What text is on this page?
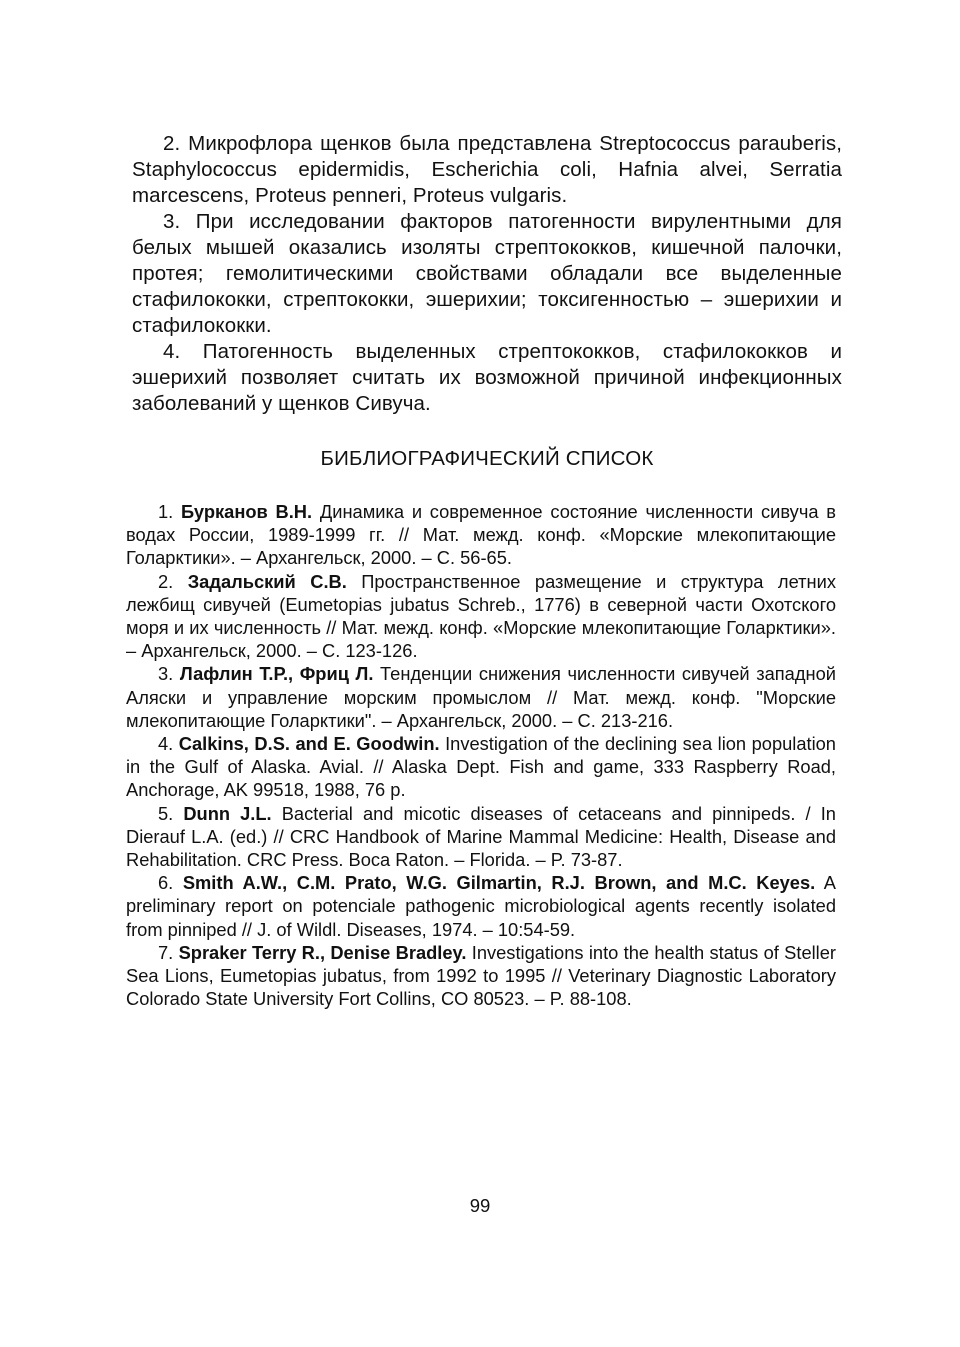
2. Микрофлора щенков была представлена Streptococcus parauberis, Staphylococcus epidermidis, Escherichia coli, Hafnia alvei, Serratia marcescens, Proteus penneri, Proteus vulgaris.

3. При исследовании факторов патогенности вирулентными для белых мышей оказались изоляты стрептококков, кишечной палочки, протея; гемолитическими свойствами обладали все выделенные стафилококки, стрептококки, эшерихии; токсигенностью – эшерихии и стафилококки.

4. Патогенность выделенных стрептококков, стафилококков и эшерихий позволяет считать их возможной причиной инфекционных заболеваний у щенков Сивуча.

БИБЛИОГРАФИЧЕСКИЙ СПИСОК
1. Бурканов В.Н. Динамика и современное состояние численности сивуча в водах России, 1989-1999 гг. // Мат. межд. конф. «Морские млекопитающие Голарктики». – Архангельск, 2000. – С. 56-65.
2. Задальский С.В. Пространственное размещение и структура летних лежбищ сивучей (Eumetopias jubatus Schreb., 1776) в северной части Охотского моря и их численность // Мат. межд. конф. «Морские млекопитающие Голарктики». – Архангельск, 2000. – С. 123-126.
3. Лафлин Т.Р., Фриц Л. Тенденции снижения численности сивучей западной Аляски и управление морским промыслом // Мат. межд. конф. "Морские млекопитающие Голарктики". – Архангельск, 2000. – С. 213-216.
4. Calkins, D.S. and E. Goodwin. Investigation of the declining sea lion population in the Gulf of Alaska. Avial. // Alaska Dept. Fish and game, 333 Raspberry Road, Anchorage, AK 99518, 1988, 76 p.
5. Dunn J.L. Bacterial and micotic diseases of cetaceans and pinnipeds. / In Dierauf L.A. (ed.) // CRC Handbook of Marine Mammal Medicine: Health, Disease and Rehabilitation. CRC Press. Boca Raton. – Florida. – P. 73-87.
6. Smith A.W., C.M. Prato, W.G. Gilmartin, R.J. Brown, and M.C. Keyes. A preliminary report on potenciale pathogenic microbiological agents recently isolated from pinniped // J. of Wildl. Diseases, 1974. – 10:54-59.
7. Spraker Terry R., Denise Bradley. Investigations into the health status of Steller Sea Lions, Eumetopias jubatus, from 1992 to 1995 // Veterinary Diagnostic Laboratory Colorado State University Fort Collins, CO 80523. – P. 88-108.

99
